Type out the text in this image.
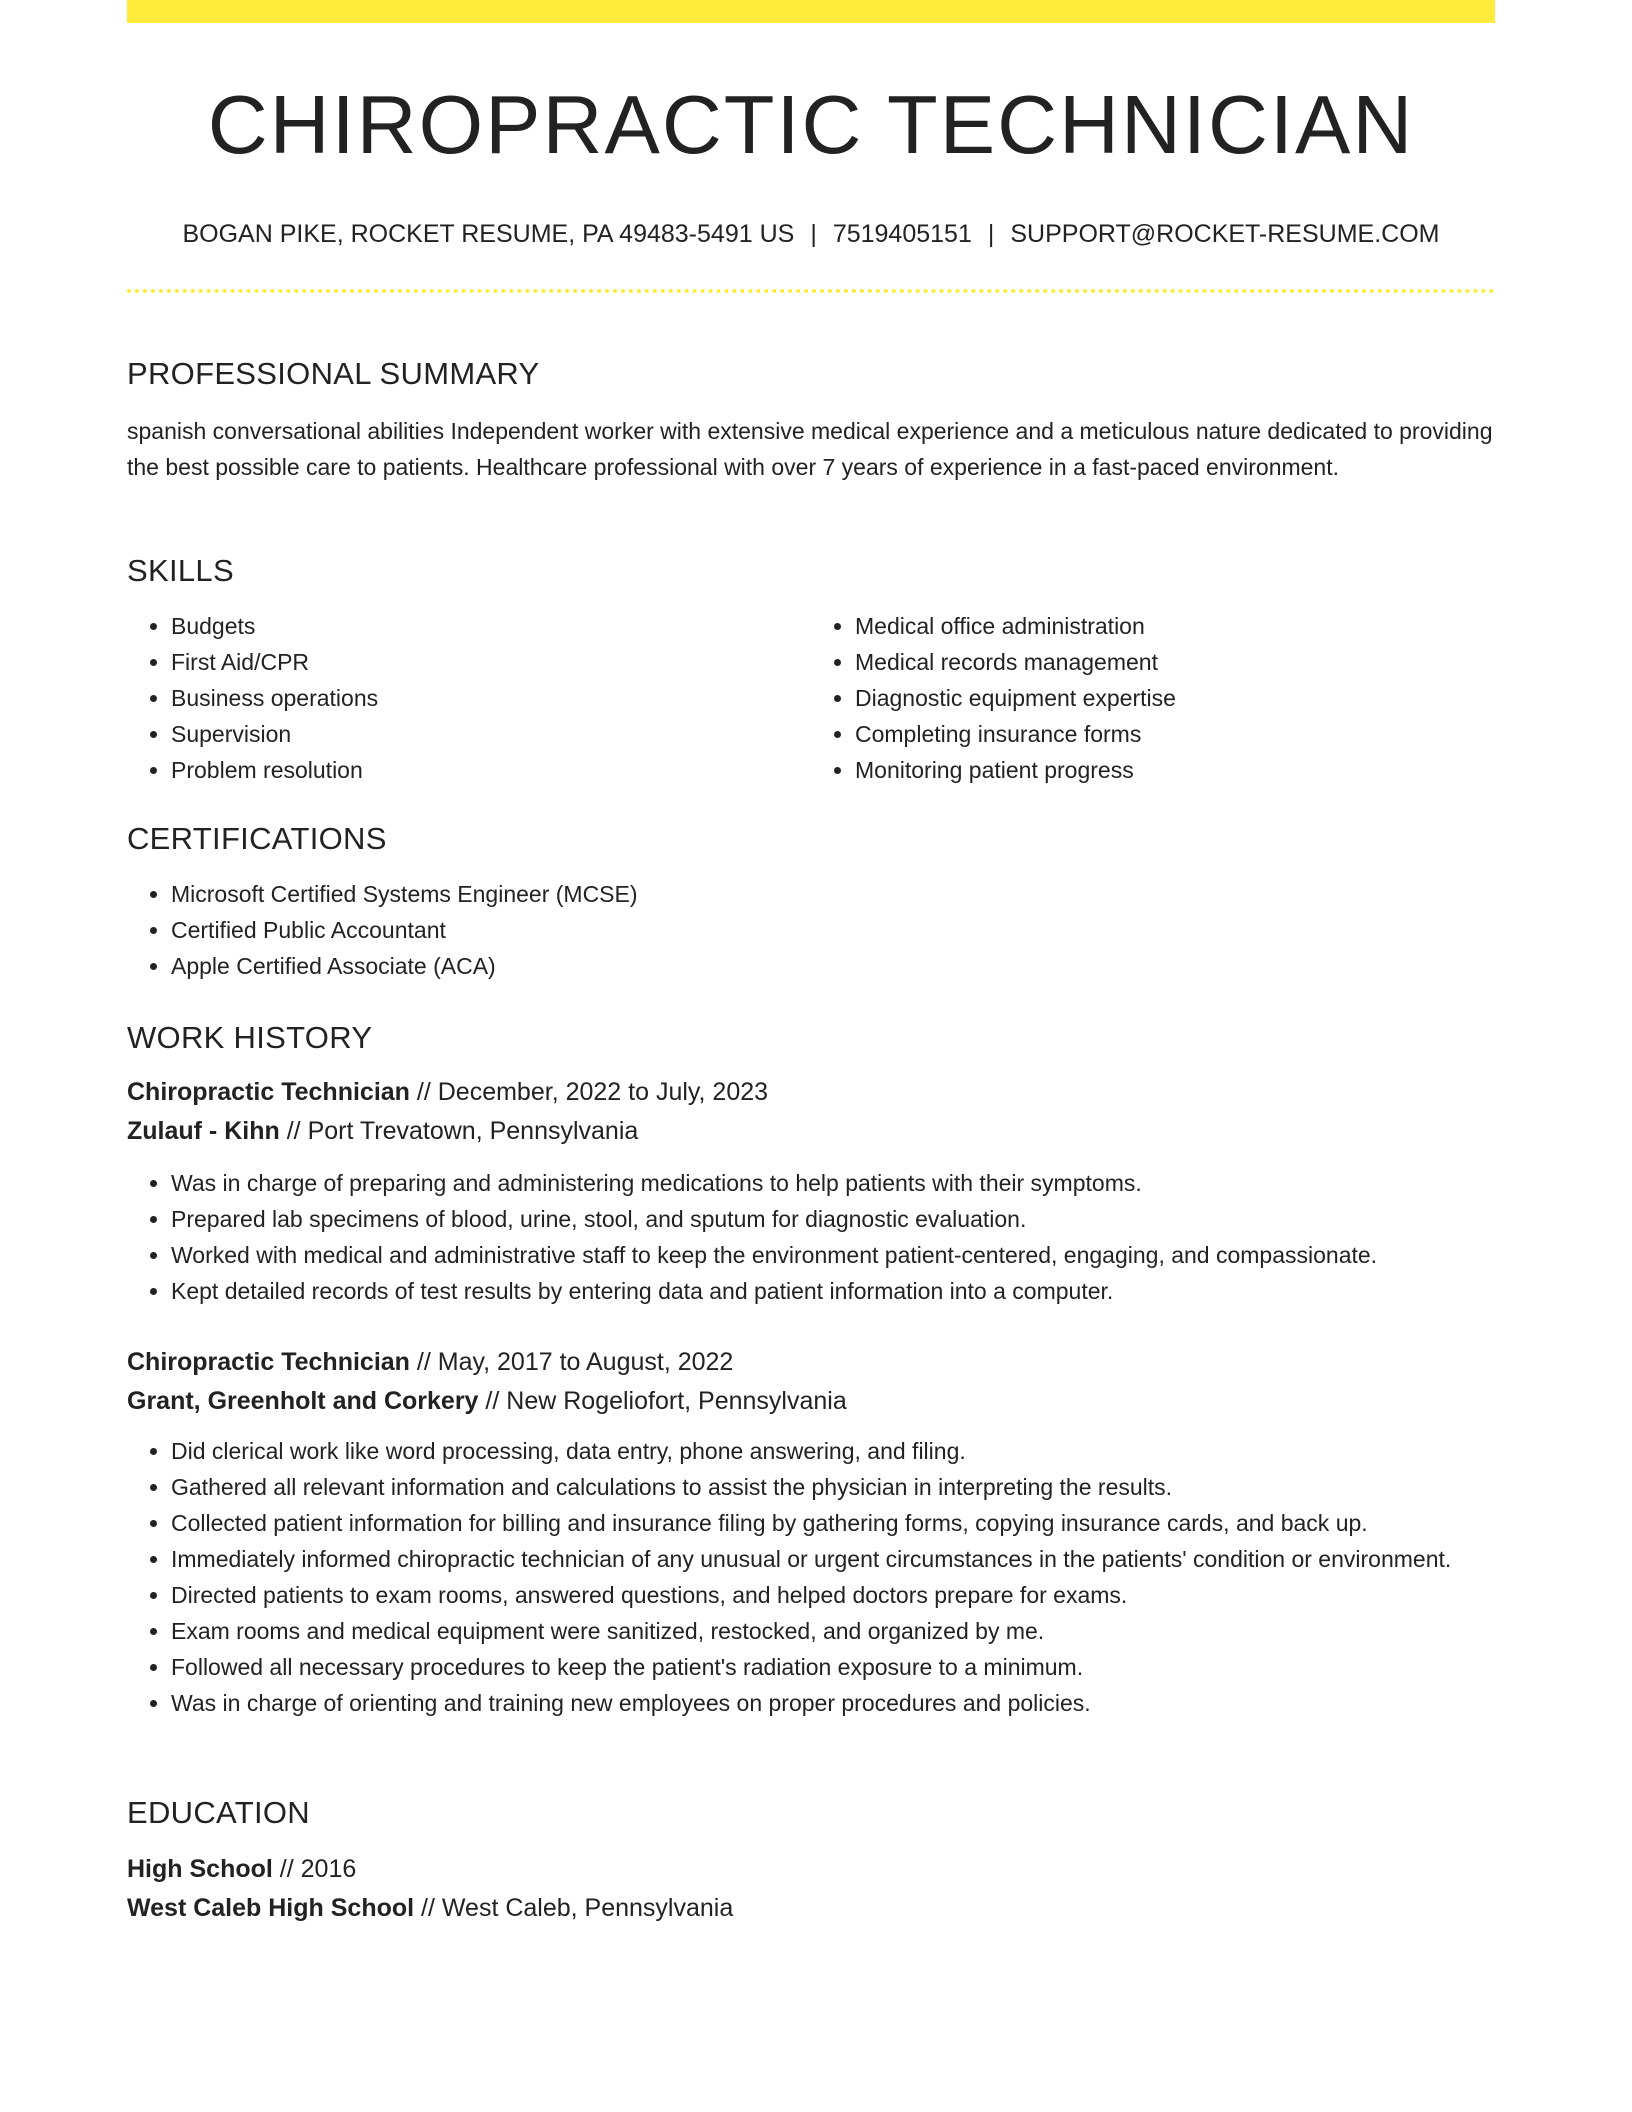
CHIROPRACTIC TECHNICIAN
BOGAN PIKE, ROCKET RESUME, PA 49483-5491 US | 7519405151 | SUPPORT@ROCKET-RESUME.COM
PROFESSIONAL SUMMARY
spanish conversational abilities Independent worker with extensive medical experience and a meticulous nature dedicated to providing the best possible care to patients. Healthcare professional with over 7 years of experience in a fast-paced environment.
SKILLS
• Budgets
• First Aid/CPR
• Business operations
• Supervision
• Problem resolution
• Medical office administration
• Medical records management
• Diagnostic equipment expertise
• Completing insurance forms
• Monitoring patient progress
CERTIFICATIONS
• Microsoft Certified Systems Engineer (MCSE)
• Certified Public Accountant
• Apple Certified Associate (ACA)
WORK HISTORY
Chiropractic Technician // December, 2022 to July, 2023
Zulauf - Kihn // Port Trevatown, Pennsylvania
• Was in charge of preparing and administering medications to help patients with their symptoms.
• Prepared lab specimens of blood, urine, stool, and sputum for diagnostic evaluation.
• Worked with medical and administrative staff to keep the environment patient-centered, engaging, and compassionate.
• Kept detailed records of test results by entering data and patient information into a computer.
Chiropractic Technician // May, 2017 to August, 2022
Grant, Greenholt and Corkery // New Rogeliofort, Pennsylvania
• Did clerical work like word processing, data entry, phone answering, and filing.
• Gathered all relevant information and calculations to assist the physician in interpreting the results.
• Collected patient information for billing and insurance filing by gathering forms, copying insurance cards, and back up.
• Immediately informed chiropractic technician of any unusual or urgent circumstances in the patients' condition or environment.
• Directed patients to exam rooms, answered questions, and helped doctors prepare for exams.
• Exam rooms and medical equipment were sanitized, restocked, and organized by me.
• Followed all necessary procedures to keep the patient's radiation exposure to a minimum.
• Was in charge of orienting and training new employees on proper procedures and policies.
EDUCATION
High School // 2016
West Caleb High School // West Caleb, Pennsylvania
